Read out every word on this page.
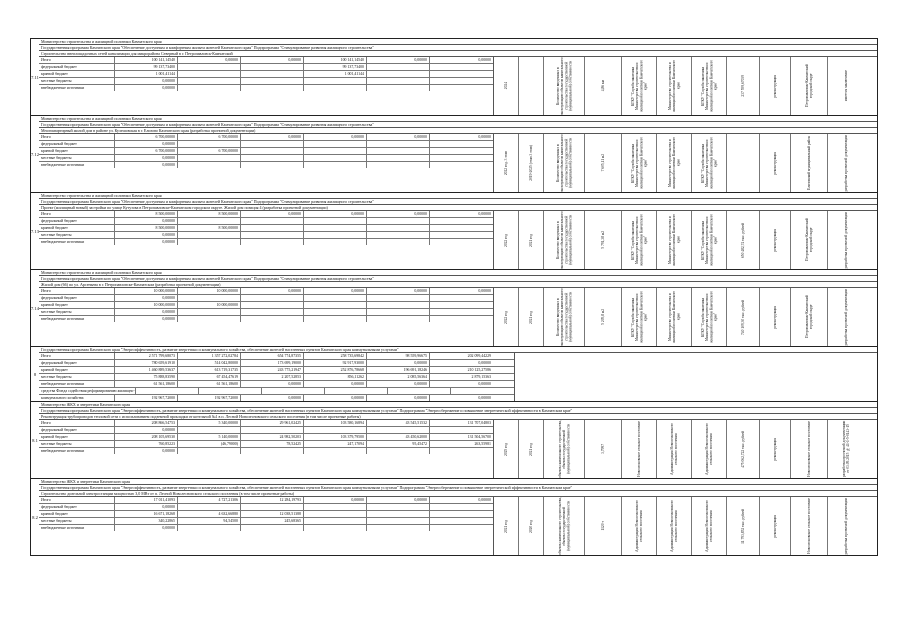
7.11
Министерство строительства и жилищной политики Камчатского края
Государственная программа Камчатского края "Обеспечение доступным и комфортным жильем жителей Камчатского края" Подпрограмма "Стимулирование развития жилищного строительства"
Строительство внеплощадочных сетей канализации для микрорайона Северный в г. Петропавловск-Камчатский
Итого	100 141,14540	0,00000	0,00000	100 141,14540	0,00000	0,00000
федеральный бюджет	99 137,73400	99 137,73400
краевой бюджет	1 001,41144	1 001,41144
местные бюджеты	0,00000
внебюджетные источники	0,00000	2024	Количество введенных в эксплуатацию объектов капитального строительства государственной (муниципальной) собственности	4,86 км	КГКУ "Служба заказчика Министерства строительства и жилищной политики Камчатского края"	Министерство строительства и жилищной политики Камчатского края	КГКУ "Служба заказчика Министерства строительства и жилищной политики Камчатского края"	237 559,67039	реконструкция	Петропавловск-Камчатский городской округ	имеется заключение
7.12
Министерство строительства и жилищной политики Камчатского края
Государственная программа Камчатского края "Обеспечение доступным и комфортным жильем жителей Камчатского края" Подпрограмма "Стимулирование развития жилищного строительства"
Многоквартирный жилой дом в районе ул. Кулешовская в г. Елизово Камчатского края (разработка проектной документации)
Итого	6 700,00000	6 700,00000	0,00000	0,00000	0,00000	0,00000
федеральный бюджет	0,00000
краевой бюджет	6 700,00000	6 700,00000
местные бюджеты	0,00000
внебюджетные источники	0,00000	2022 год. 3 этап	2019-2025 (этап 3 этап)	Количество введенных в эксплуатацию объектов капитального строительства государственной (муниципальной) собственности	7 605,11 м2	КГКУ "Служба заказчика Министерства строительства и жилищной политики Камчатского края"	Министерство строительства и жилищной политики Камчатского края	КГКУ "Служба заказчика Министерства строительства и жилищной политики Камчатского края"	реконструкция	Елизовский муниципальный район	разработка проектной документации
7.13
Министерство строительства и жилищной политики Камчатского края
Государственная программа Камчатского края "Обеспечение доступным и комфортным жильем жителей Камчатского края" Подпрограмма "Стимулирование развития жилищного строительства"
Проект (жилищный новый) застройки по улице Кутузова в Петропавловске-Камчатском городском округе. Жилой дом позиция 4 (разработка проектной документации)
Итого	8 500,00000	8 500,00000	0,00000	0,00000	0,00000	0,00000
федеральный бюджет	0,00000
краевой бюджет	8 500,00000	8 500,00000
местные бюджеты	0,00000
внебюджетные источники	0,00000	2022 год	2021 год	Количество введенных в эксплуатацию объектов капитального строительства государственной (муниципальной) собственности	5 791,38 м2	КГКУ "Служба заказчика Министерства строительства и жилищной политики Камчатского края"	Министерство строительства и жилищной политики Камчатского края	КГКУ "Служба заказчика Министерства строительства и жилищной политики Камчатского края"	650 482,74 тыс. рублей	реконструкция	Петропавловск-Камчатский городской округ	разработка проектной документации
7.14
Министерство строительства и жилищной политики Камчатского края
Государственная программа Камчатского края "Обеспечение доступным и комфортным жильем жителей Камчатского края" Подпрограмма "Стимулирование развития жилищного строительства"
Жилой дом (66) по ул. Арсеньева в г. Петропавловске-Камчатском (разработка проектной документации)
Итого	10 000,00000	10 000,00000	0,00000	0,00000	0,00000	0,00000
федеральный бюджет	0,00000
краевой бюджет	10 000,00000	10 000,00000
местные бюджеты	0,00000
внебюджетные источники	0,00000	2022 год	2021 год	Количество введенных в эксплуатацию объектов капитального строительства государственной (муниципальной) собственности	5 205,8 м2	КГКУ "Служба заказчика Министерства строительства и жилищной политики Камчатского края"	Министерство строительства и жилищной политики Камчатского края	КГКУ "Служба заказчика Министерства строительства и жилищной политики Камчатского края"	740 109,30 тыс. рублей	реконструкция	Петропавловск-Камчатский городской округ	разработка проектной документации
8
Государственная программа Камчатского края "Энергоэффективность, развитие энергетики и коммунального хозяйства, обеспечение жителей населенных пунктов Камчатского края коммунальными услугами"
Итого	2 571 799,68073	1 357 272,02784	654 774,87355	258 735,69842	98 559,96675	202 099,44229
федеральный бюджет	780 659,61910	514 042,80000	173 699,19000	92 917,93000	0,00000	0,00000
краевой бюджет	1 460 889,53637	613 719,31735	243 775,21947	252 876,78668	196 691,18246	210 125,27586
местные бюджеты	75 888,83590	67 454,47619	2 207,52853	856,11262	2 085,56364	2 879,15363
внебюджетные источники	61 561,18600	61 561,18600	0,00000	0,00000	0,00000	0,00000
средства Фонда содействия реформированию жилищно-
коммунального хозяйства	192 967,72000	192 967,72000	0,00000	0,00000	0,00000	0,00000
8.1
Министерство ЖКХ и энергетики Камчатского края
Государственная программа Камчатского края "Энергоэффективность, развитие энергетики и коммунального хозяйства, обеспечение жителей населенных пунктов Камчатского края коммунальными услугами" Подпрограмма "Энергосбережение и повышение энергетической эффективности в Камчатском крае"
Реконструкция трубопроводов тепловой сети с использованием подземной прокладки от котельной №1 в п. Лесной Новолесновского сельского поселения (в том числе проектные работы)
Итого	208 866,54753	5 340,00000	29 961,02425	103 580,16894	43 545,51532	131 707,04803
федеральный бюджет	0,00000
краевой бюджет	208 105,69530	5 140,00000	24 982,50203	103 379,79500	43 450,62000	131 504,56700
местные бюджеты	760,85223	(46,79000)	78,52425	247,17094	95,45472	263,55981
внебюджетные источники	0,00000	2025 год	2021 год	объекты капитального строительства, объекты государственной (муниципальной) собственности	3,7997	Новолесновское сельское поселение	Администрация Новолесновского сельского поселения	Администрация Новолесновского сельского поселения	475 062,722 тыс. рублей	реконструкция	Новолесновское сельское поселение	разработка проектной документации от 03.09.2015 № 41-1-5-0143-15
8.2
Министерство ЖКХ и энергетики Камчатского края
Государственная программа Камчатского края "Энергоэффективность, развитие энергетики и коммунального хозяйства, обеспечение жителей населенных пунктов Камчатского края коммунальными услугами" Подпрограмма "Энергосбережение и повышение энергетической эффективности в Камчатском крае"
Строительство дизельной электростанции мощностью 3,0 МВт от п. Лесной Новолесновского сельского поселения (в том числе проектные работы)
Итого	17 011,41093	4 727,21306	12 284,19793	0,00000	0,00000	0,00000
федеральный бюджет	0,00000
краевой бюджет	16 671,18268	4 632,66880	12 038,51388
местные бюджеты	340,22865	94,54500	245,68365
внебюджетные источники	0,00000	2021 год	2020 год	объекты капитального строительства, объекты государственной (муниципальной) собственности	1120 т	Администрация Новолесновского сельского поселения	Администрация Новолесновского сельского поселения	Администрация Новолесновского сельского поселения	11 793,852 тыс. рублей	реконструкция	Новолесновское сельское поселение	разработка проектной документации
